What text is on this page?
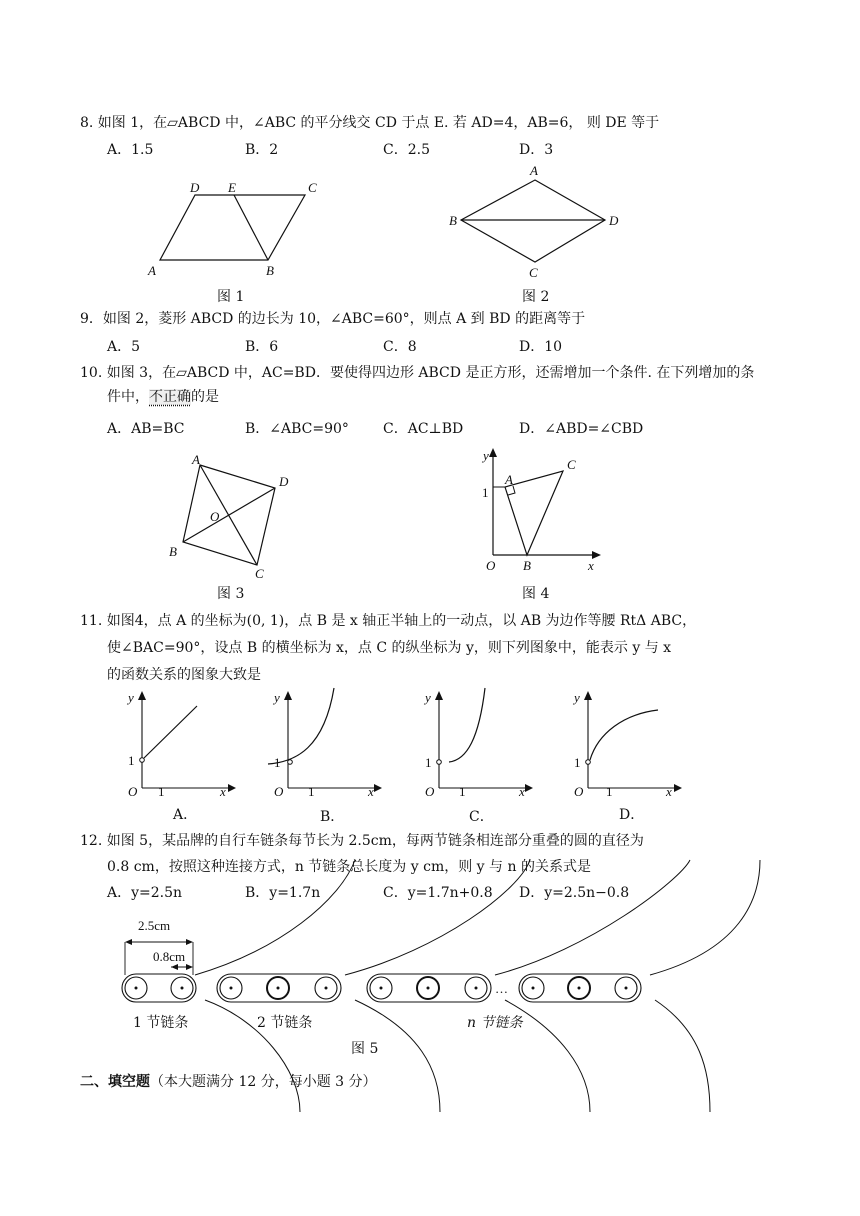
8. 如图 1，在▱ABCD 中，∠ABC 的平分线交 CD 于点 E. 若 AD=4，AB=6， 则 DE 等于
A．1.5	B．2	C．2.5	D．3
A	B
C
D E
图 1
A
B
C
D
图 2
9．如图 2，菱形 ABCD 的边长为 10，∠ABC=60°，则点 A 到 BD 的距离等于
A．5	B．6	C．8	D．10
10. 如图 3，在▱ABCD 中，AC=BD．要使得四边形 ABCD 是正方形，还需增加一个条件. 在下列增加的条
件中，不正确的是
A．AB=BC	B．∠ABC=90° C．AC⊥BD	D．∠ABD=∠CBD
A
B
C
D
O
图 3
y
1
A
B
C
O	x
图 4
11. 如图4，点 A 的坐标为(0, 1)，点 B 是 x 轴正半轴上的一动点，以 AB 为边作等腰 RtΔ ABC，
使∠BAC=90°，设点 B 的横坐标为 x，点 C 的纵坐标为 y，则下列图象中，能表示 y 与 x
的函数关系的图象大致是
y
1
O 1	x
A．
y
1
O 1	x
B．
y
1
O 1	x
C．
y
1
O 1	x
D．
12. 如图 5，某品牌的自行车链条每节长为 2.5cm，每两节链条相连部分重叠的圆的直径为
0.8 cm，按照这种连接方式，n 节链条总长度为 y cm，则 y 与 n 的关系式是
A．y=2.5n	B．y=1.7n	C．y=1.7n+0.8 D．y=2.5n−0.8
2.5cm
0.8cm
…
1 节链条	2 节链条	n 节链条
图 5
二、填空题（本大题满分 12 分，每小题 3 分）
